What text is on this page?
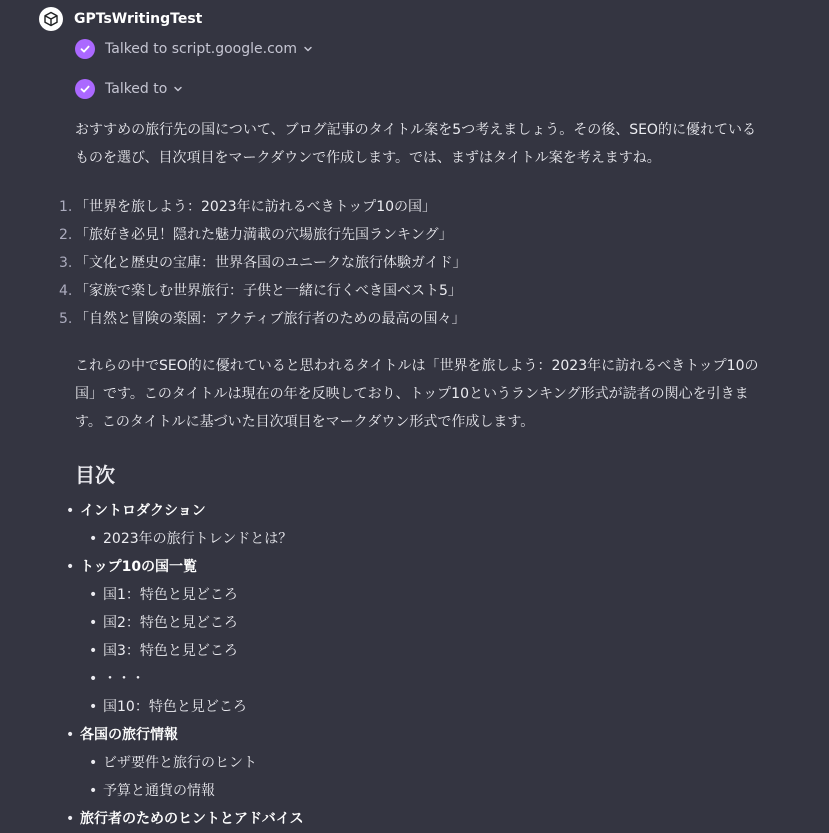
GPTsWritingTest
Talked to script.google.com
Talked to
おすすめの旅行先の国について、ブログ記事のタイトル案を5つ考えましょう。その後、SEO的に優れているものを選び、目次項目をマークダウンで作成します。では、まずはタイトル案を考えますね。
1. 「世界を旅しよう：2023年に訪れるべきトップ10の国」
2. 「旅好き必見！隠れた魅力満載の穴場旅行先国ランキング」
3. 「文化と歴史の宝庫：世界各国のユニークな旅行体験ガイド」
4. 「家族で楽しむ世界旅行：子供と一緒に行くべき国ベスト5」
5. 「自然と冒険の楽園：アクティブ旅行者のための最高の国々」
これらの中でSEO的に優れていると思われるタイトルは「世界を旅しよう：2023年に訪れるべきトップ10の国」です。このタイトルは現在の年を反映しており、トップ10というランキング形式が読者の関心を引きます。このタイトルに基づいた目次項目をマークダウン形式で作成します。
目次
• イントロダクション
• 2023年の旅行トレンドとは？
• トップ10の国一覧
• 国1：特色と見どころ
• 国2：特色と見どころ
• 国3：特色と見どころ
• ・・・
• 国10：特色と見どころ
• 各国の旅行情報
• ビザ要件と旅行のヒント
• 予算と通貨の情報
• 旅行者のためのヒントとアドバイス
